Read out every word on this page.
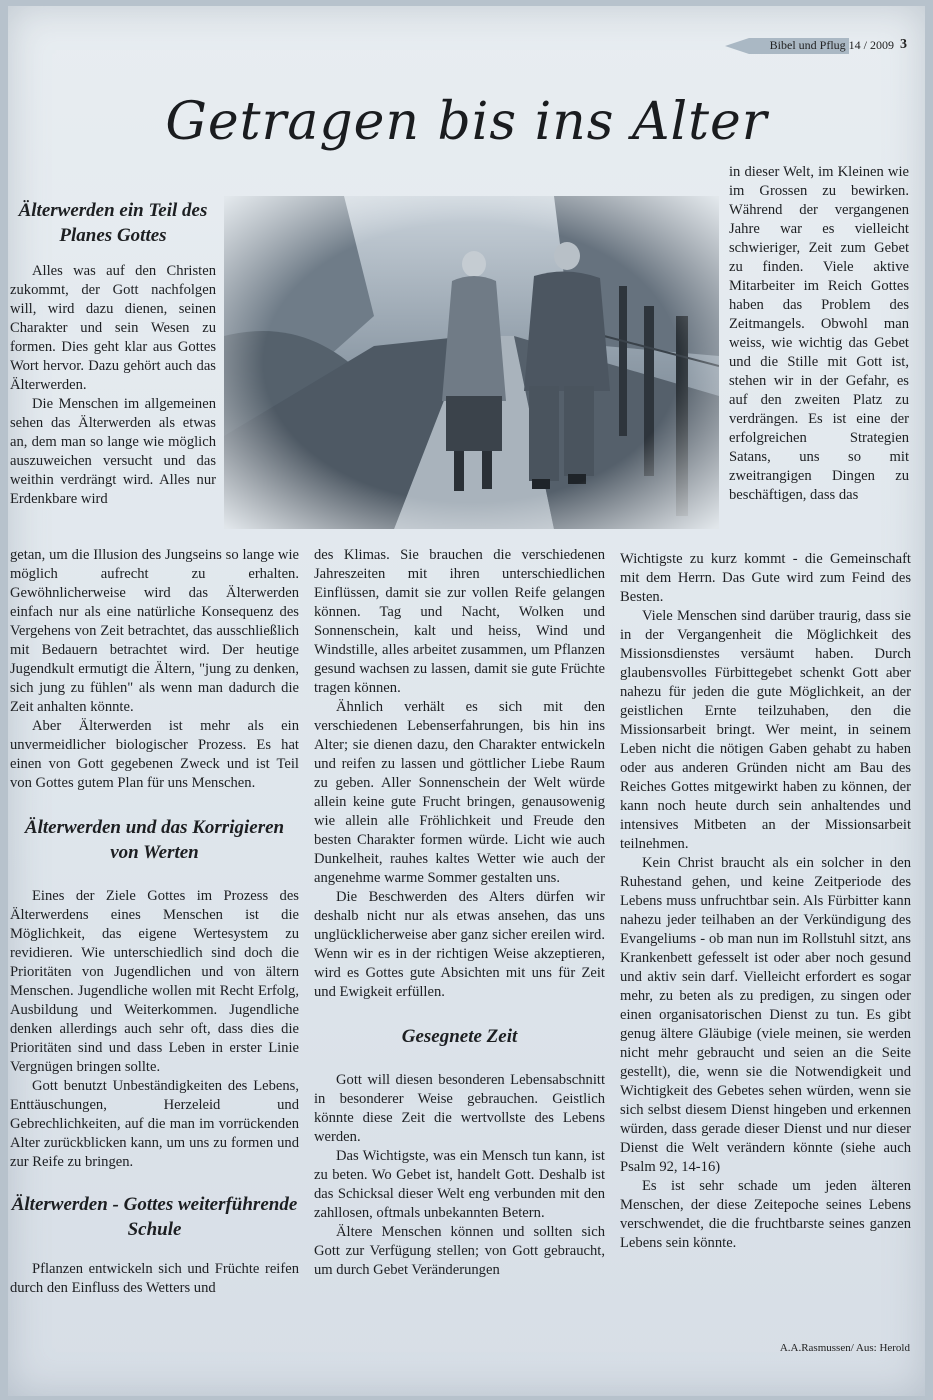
Bibel und Pflug 14 / 2009 3
Getragen bis ins Alter
Älterwerden ein Teil des Planes Gottes

Alles was auf den Christen zukommt, der Gott nachfolgen will, wird dazu dienen, seinen Charakter und sein Wesen zu formen. Dies geht klar aus Gottes Wort hervor. Dazu gehört auch das Älterwerden.

Die Menschen im allgemeinen sehen das Älterwerden als etwas an, dem man so lange wie möglich auszuweichen versucht und das weithin verdrängt wird. Alles nur Erdenkbare wird

getan, um die Illusion des Jungseins so lange wie möglich aufrecht zu erhalten. Gewöhnlicherweise wird das Älterwerden einfach nur als eine natürliche Konsequenz des Vergehens von Zeit betrachtet, das ausschließlich mit Bedauern betrachtet wird. Der heutige Jugendkult ermutigt die Ältern, "jung zu denken, sich jung zu fühlen" als wenn man dadurch die Zeit anhalten könnte.

Aber Älterwerden ist mehr als ein unvermeidlicher biologischer Prozess. Es hat einen von Gott gegebenen Zweck und ist Teil von Gottes gutem Plan für uns Menschen.

Älterwerden und das Korrigieren von Werten

Eines der Ziele Gottes im Prozess des Älterwerdens eines Menschen ist die Möglichkeit, das eigene Wertesystem zu revidieren. Wie unterschiedlich sind doch die Prioritäten von Jugendlichen und von ältern Menschen. Jugendliche wollen mit Recht Erfolg, Ausbildung und Weiterkommen. Jugendliche denken allerdings auch sehr oft, dass dies die Prioritäten sind und dass Leben in erster Linie Vergnügen bringen sollte.

Gott benutzt Unbeständigkeiten des Lebens, Enttäuschungen, Herzeleid und Gebrechlichkeiten, auf die man im vorrückenden Alter zurückblicken kann, um uns zu formen und zur Reife zu bringen.

Älterwerden - Gottes weiterführende Schule

Pflanzen entwickeln sich und Früchte reifen durch den Einfluss des Wetters und

des Klimas. Sie brauchen die verschiedenen Jahreszeiten mit ihren unterschiedlichen Einflüssen, damit sie zur vollen Reife gelangen können. Tag und Nacht, Wolken und Sonnenschein, kalt und heiss, Wind und Windstille, alles arbeitet zusammen, um Pflanzen gesund wachsen zu lassen, damit sie gute Früchte tragen können.

Ähnlich verhält es sich mit den verschiedenen Lebenserfahrungen, bis hin ins Alter; sie dienen dazu, den Charakter entwickeln und reifen zu lassen und göttlicher Liebe Raum zu geben. Aller Sonnenschein der Welt würde allein keine gute Frucht bringen, genausowenig wie allein alle Fröhlichkeit und Freude den besten Charakter formen würde. Licht wie auch Dunkelheit, rauhes kaltes Wetter wie auch der angenehme warme Sommer gestalten uns.

Die Beschwerden des Alters dürfen wir deshalb nicht nur als etwas ansehen, das uns unglücklicherweise aber ganz sicher ereilen wird. Wenn wir es in der richtigen Weise akzeptieren, wird es Gottes gute Absichten mit uns für Zeit und Ewigkeit erfüllen.

Gesegnete Zeit

Gott will diesen besonderen Lebensabschnitt in besonderer Weise gebrauchen. Geistlich könnte diese Zeit die wertvollste des Lebens werden.

Das Wichtigste, was ein Mensch tun kann, ist zu beten. Wo Gebet ist, handelt Gott. Deshalb ist das Schicksal dieser Welt eng verbunden mit den zahllosen, oftmals unbekannten Betern.

Ältere Menschen können und sollten sich Gott zur Verfügung stellen; von Gott gebraucht, um durch Gebet Veränderungen

in dieser Welt, im Kleinen wie im Grossen zu bewirken. Während der vergangenen Jahre war es vielleicht schwieriger, Zeit zum Gebet zu finden. Viele aktive Mitarbeiter im Reich Gottes haben das Problem des Zeitmangels. Obwohl man weiss, wie wichtig das Gebet und die Stille mit Gott ist, stehen wir in der Gefahr, es auf den zweiten Platz zu verdrängen. Es ist eine der erfolgreichen Strategien Satans, uns so mit zweitrangigen Dingen zu beschäftigen, dass das

Wichtigste zu kurz kommt - die Gemeinschaft mit dem Herrn. Das Gute wird zum Feind des Besten.

Viele Menschen sind darüber traurig, dass sie in der Vergangenheit die Möglichkeit des Missionsdienstes versäumt haben. Durch glaubensvolles Fürbittegebet schenkt Gott aber nahezu für jeden die gute Möglichkeit, an der geistlichen Ernte teilzuhaben, den die Missionsarbeit bringt. Wer meint, in seinem Leben nicht die nötigen Gaben gehabt zu haben oder aus anderen Gründen nicht am Bau des Reiches Gottes mitgewirkt haben zu können, der kann noch heute durch sein anhaltendes und intensives Mitbeten an der Missionsarbeit teilnehmen.

Kein Christ braucht als ein solcher in den Ruhestand gehen, und keine Zeitperiode des Lebens muss unfruchtbar sein. Als Fürbitter kann nahezu jeder teilhaben an der Verkündigung des Evangeliums - ob man nun im Rollstuhl sitzt, ans Krankenbett gefesselt ist oder aber noch gesund und aktiv sein darf. Vielleicht erfordert es sogar mehr, zu beten als zu predigen, zu singen oder einen organisatorischen Dienst zu tun. Es gibt genug ältere Gläubige (viele meinen, sie werden nicht mehr gebraucht und seien an die Seite gestellt), die, wenn sie die Notwendigkeit und Wichtigkeit des Gebetes sehen würden, wenn sie sich selbst diesem Dienst hingeben und erkennen würden, dass gerade dieser Dienst und nur dieser Dienst die Welt verändern könnte (siehe auch Psalm 92, 14-16)

Es ist sehr schade um jeden älteren Menschen, der diese Zeitepoche seines Lebens verschwendet, die die fruchtbarste seines ganzen Lebens sein könnte.

A.A.Rasmussen/ Aus: Herold
